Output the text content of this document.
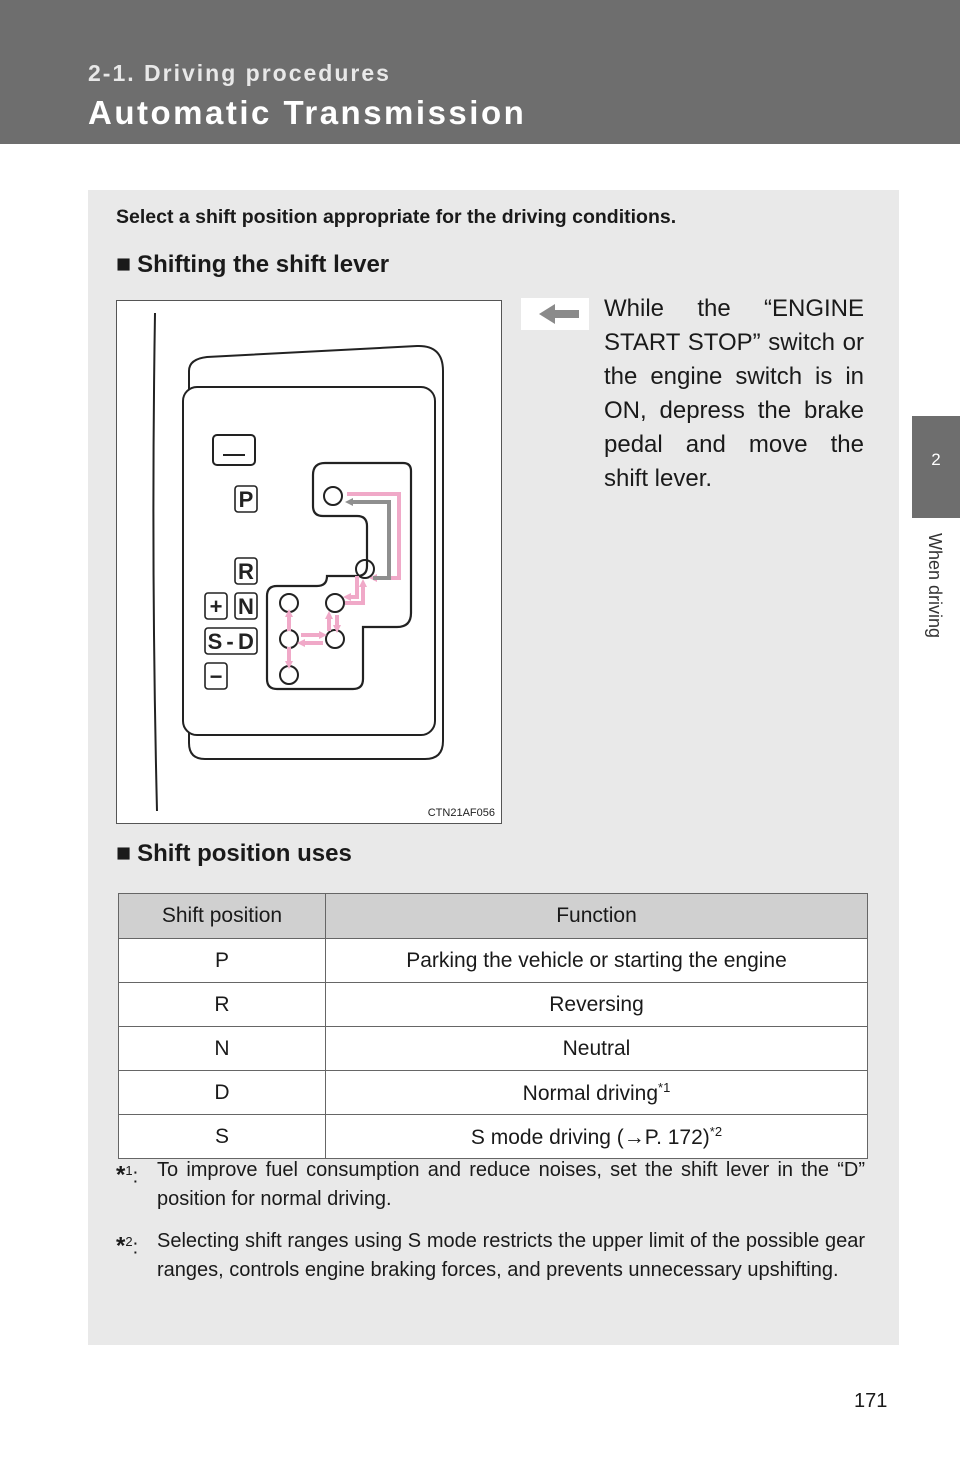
2-1. Driving procedures
Automatic Transmission
2
When driving
Select a shift position appropriate for the driving conditions.
■ Shifting the shift lever
P
R
N
+
S - D
−
CTN21AF056
While the “ENGINE START STOP” switch or the engine switch is in ON, depress the brake pedal and move the shift lever.
■ Shift position uses
Shift position	Function
P	Parking the vehicle or starting the engine
R	Reversing
N	Neutral
D	Normal driving$^{*1}$
S	S mode driving (→P. 172)$^{*2}$
*$^1$: To improve fuel consumption and reduce noises, set the shift lever in the “D” position for normal driving.
*$^2$: Selecting shift ranges using S mode restricts the upper limit of the possible gear ranges, controls engine braking forces, and prevents unnecessary upshifting.
171
